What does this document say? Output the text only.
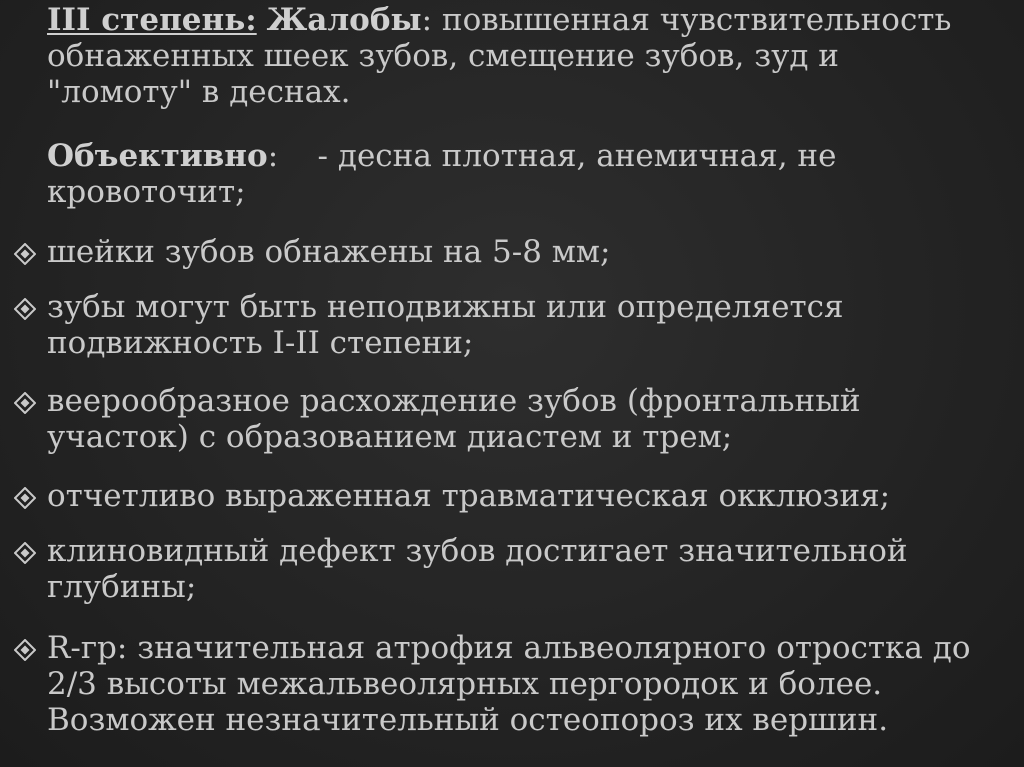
III степень: Жалобы: повышенная чувствительность
обнаженных шеек зубов, смещение зубов, зуд и
"ломоту" в деснах.

Объективно:    - десна плотная, анемичная, не
кровоточит;

шейки зубов обнажены на 5-8 мм;
зубы могут быть неподвижны или определяется
подвижность I-II степени;
веерообразное расхождение зубов (фронтальный
участок) с образованием диастем и трем;
отчетливо выраженная травматическая окклюзия;
клиновидный дефект зубов достигает значительной
глубины;
R-гр: значительная атрофия альвеолярного отростка до
2/3 высоты межальвеолярных пергородок и более.
Возможен незначительный остеопороз их вершин.
